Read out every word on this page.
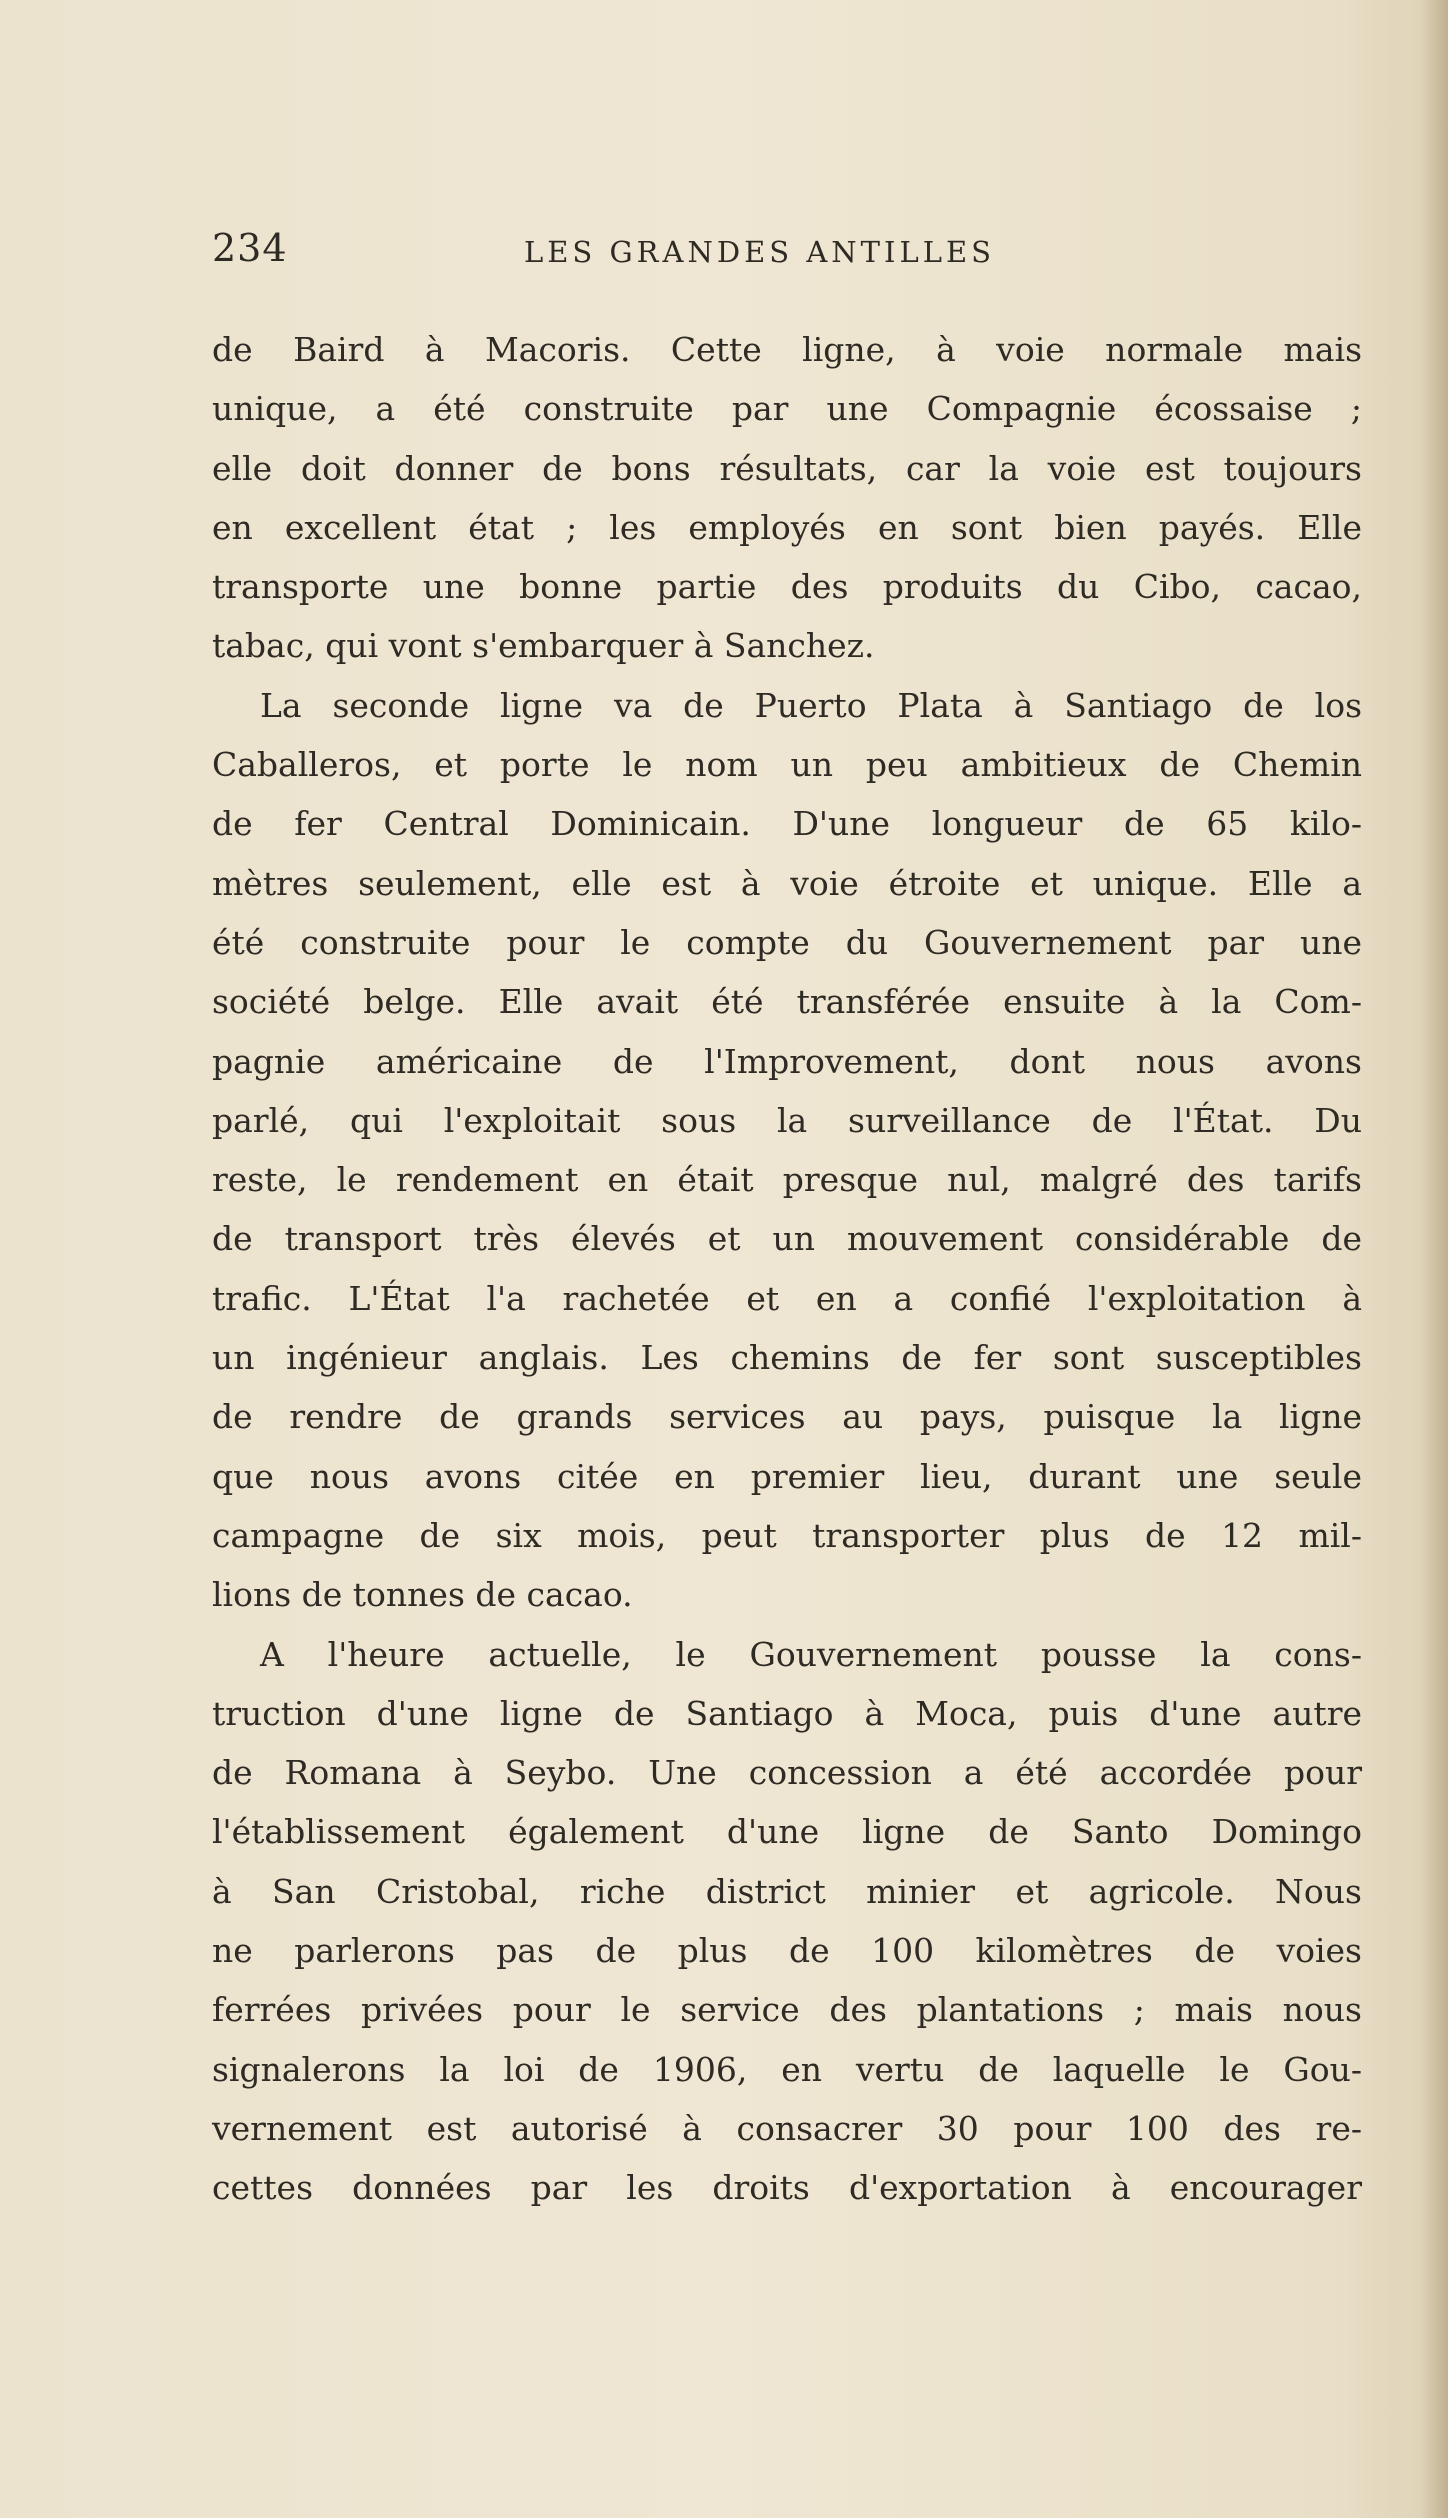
234	LES GRANDES ANTILLES
de Baird à Macoris. Cette ligne, à voie normale mais
unique, a été construite par une Compagnie écossaise ;
elle doit donner de bons résultats, car la voie est toujours
en excellent état ; les employés en sont bien payés. Elle
transporte une bonne partie des produits du Cibo, cacao,
tabac, qui vont s'embarquer à Sanchez.
La seconde ligne va de Puerto Plata à Santiago de los
Caballeros, et porte le nom un peu ambitieux de Chemin
de fer Central Dominicain. D'une longueur de 65 kilo-
mètres seulement, elle est à voie étroite et unique. Elle a
été construite pour le compte du Gouvernement par une
société belge. Elle avait été transférée ensuite à la Com-
pagnie américaine de l'Improvement, dont nous avons
parlé, qui l'exploitait sous la surveillance de l'État. Du
reste, le rendement en était presque nul, malgré des tarifs
de transport très élevés et un mouvement considérable de
trafic. L'État l'a rachetée et en a confié l'exploitation à
un ingénieur anglais. Les chemins de fer sont susceptibles
de rendre de grands services au pays, puisque la ligne
que nous avons citée en premier lieu, durant une seule
campagne de six mois, peut transporter plus de 12 mil-
lions de tonnes de cacao.
A l'heure actuelle, le Gouvernement pousse la cons-
truction d'une ligne de Santiago à Moca, puis d'une autre
de Romana à Seybo. Une concession a été accordée pour
l'établissement également d'une ligne de Santo Domingo
à San Cristobal, riche district minier et agricole. Nous
ne parlerons pas de plus de 100 kilomètres de voies
ferrées privées pour le service des plantations ; mais nous
signalerons la loi de 1906, en vertu de laquelle le Gou-
vernement est autorisé à consacrer 30 pour 100 des re-
cettes données par les droits d'exportation à encourager
